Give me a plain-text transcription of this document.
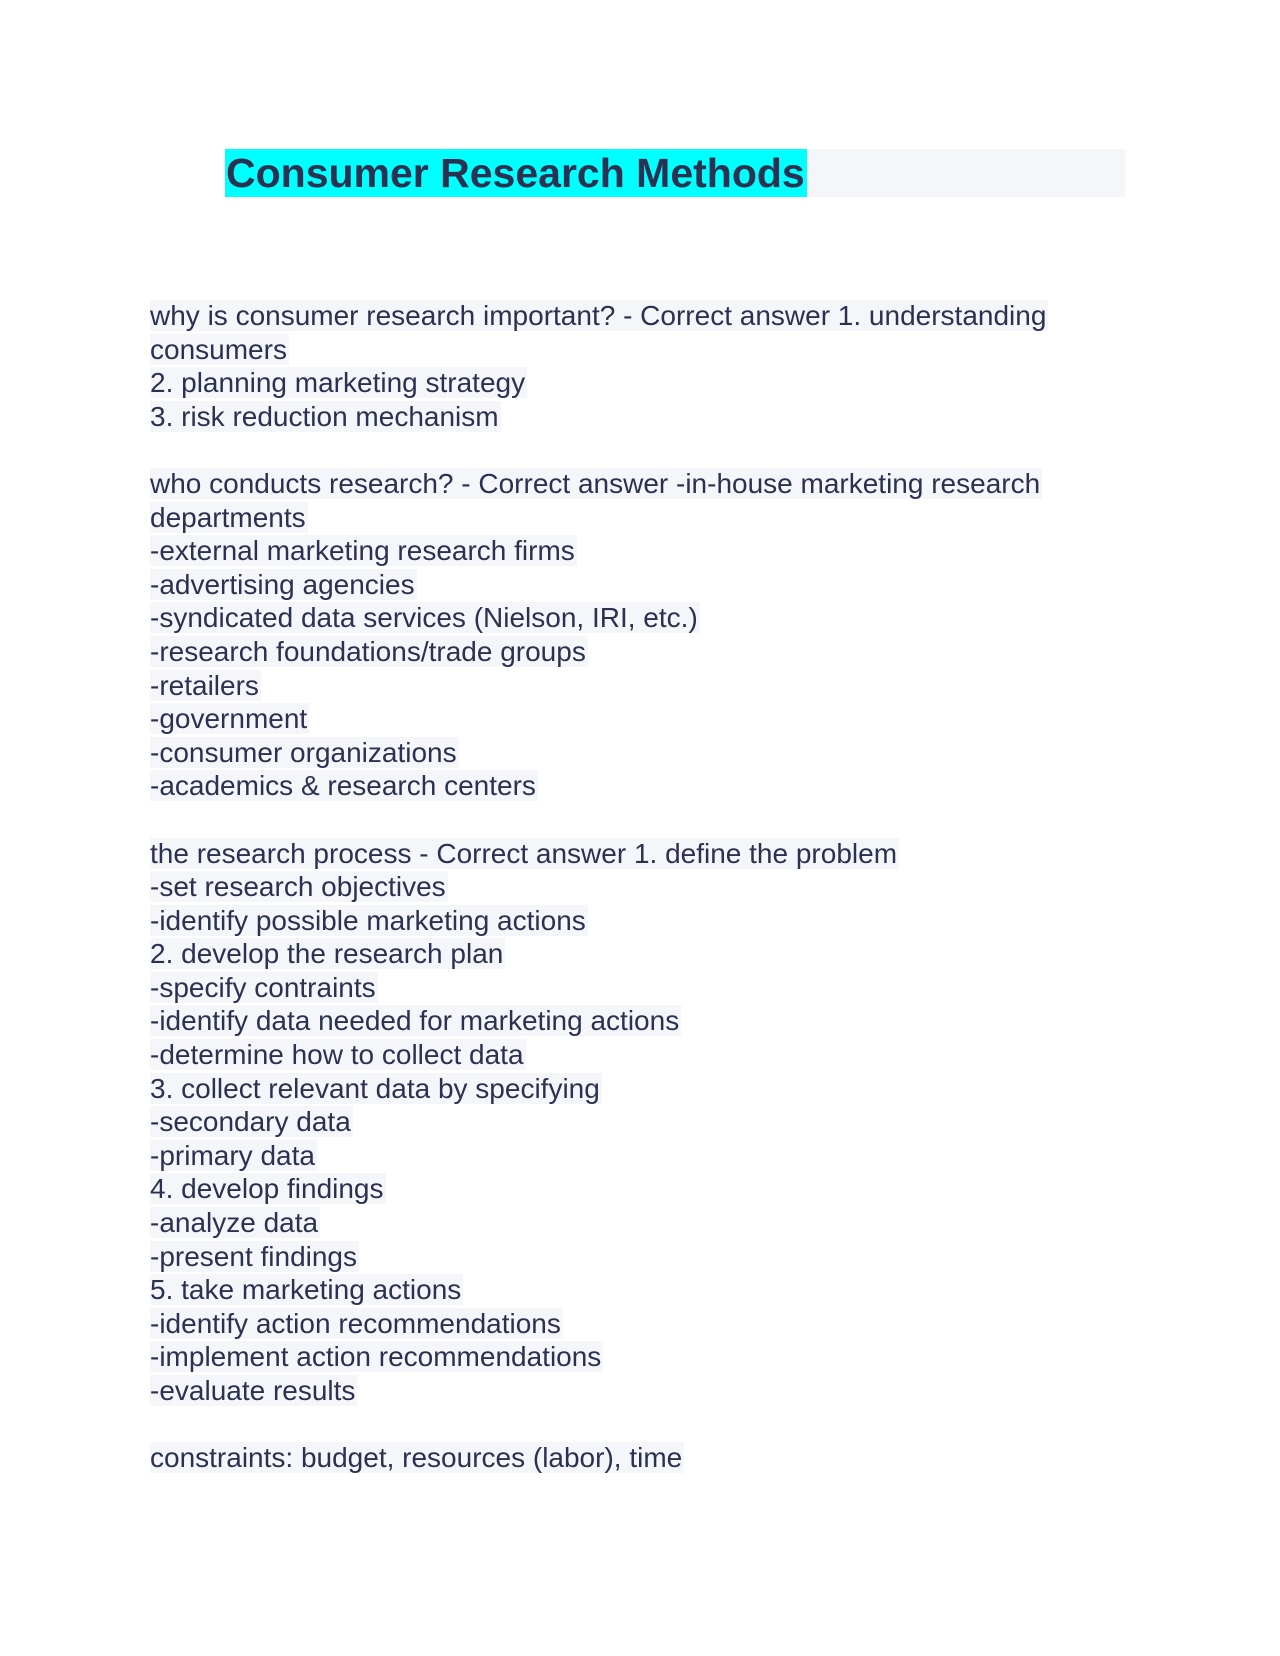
Consumer Research Methods
why is consumer research important? - Correct answer 1. understanding
consumers
2. planning marketing strategy
3. risk reduction mechanism
who conducts research? - Correct answer -in-house marketing research
departments
-external marketing research firms
-advertising agencies
-syndicated data services (Nielson, IRI, etc.)
-research foundations/trade groups
-retailers
-government
-consumer organizations
-academics & research centers
the research process - Correct answer 1. define the problem
-set research objectives
-identify possible marketing actions
2. develop the research plan
-specify contraints
-identify data needed for marketing actions
-determine how to collect data
3. collect relevant data by specifying
-secondary data
-primary data
4. develop findings
-analyze data
-present findings
5. take marketing actions
-identify action recommendations
-implement action recommendations
-evaluate results
constraints: budget, resources (labor), time
